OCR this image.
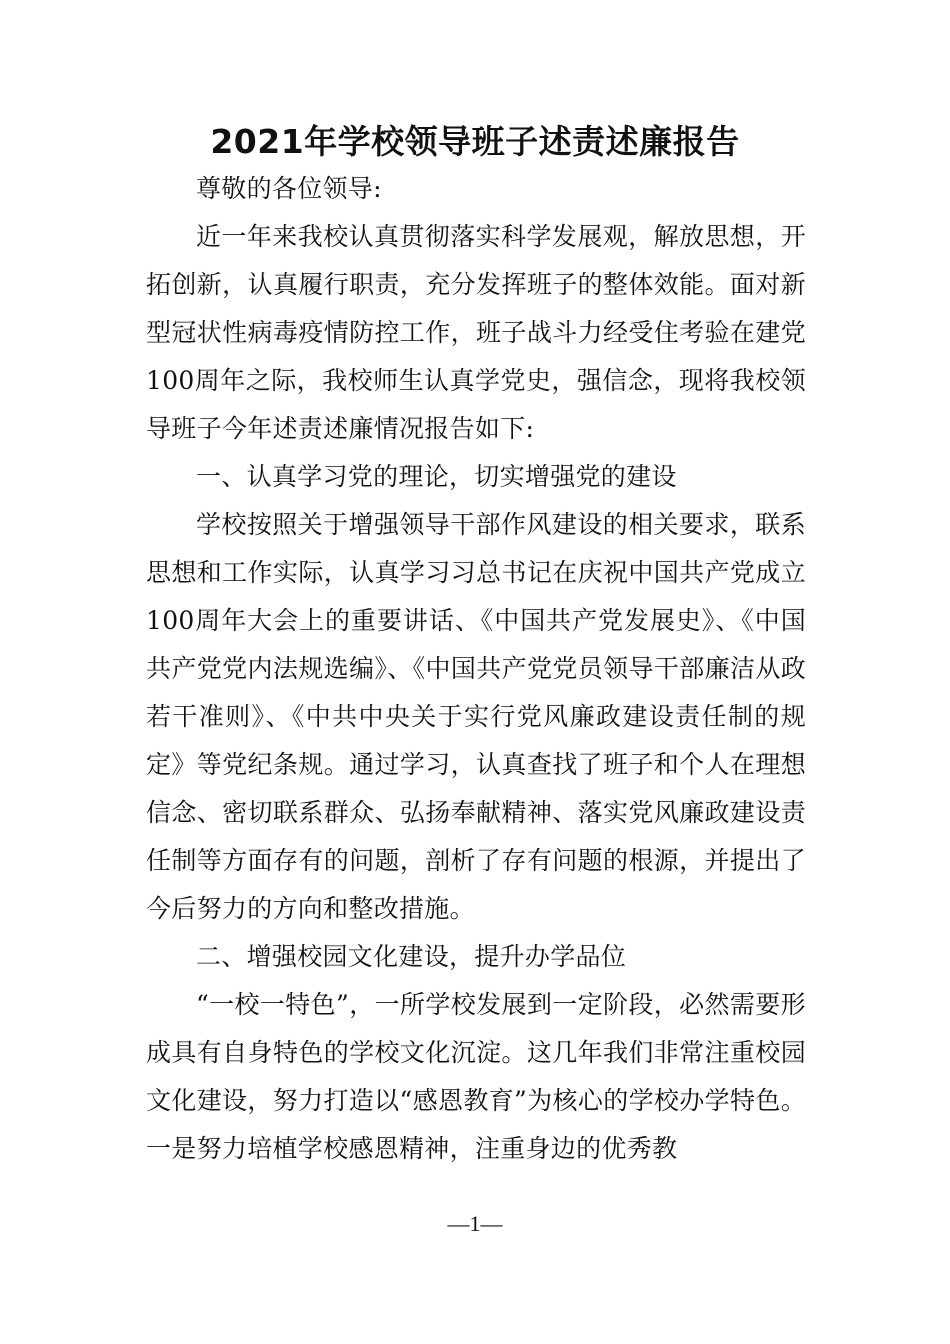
2021年学校领导班子述责述廉报告

尊敬的各位领导:

近一年来我校认真贯彻落实科学发展观，解放思想，开拓创新，认真履行职责，充分发挥班子的整体效能。面对新型冠状性病毒疫情防控工作，班子战斗力经受住考验在建党100周年之际，我校师生认真学党史，强信念，现将我校领导班子今年述责述廉情况报告如下:

一、认真学习党的理论，切实增强党的建设

学校按照关于增强领导干部作风建设的相关要求，联系思想和工作实际，认真学习习总书记在庆祝中国共产党成立100周年大会上的重要讲话、《中国共产党发展史》、《中国共产党党内法规选编》、《中国共产党党员领导干部廉洁从政若干准则》、《中共中央关于实行党风廉政建设责任制的规定》等党纪条规。通过学习，认真查找了班子和个人在理想信念、密切联系群众、弘扬奉献精神、落实党风廉政建设责任制等方面存有的问题，剖析了存有问题的根源，并提出了今后努力的方向和整改措施。

二、增强校园文化建设，提升办学品位

“一校一特色”，一所学校发展到一定阶段，必然需要形成具有自身特色的学校文化沉淀。这几年我们非常注重校园文化建设，努力打造以“感恩教育”为核心的学校办学特色。一是努力培植学校感恩精神，注重身边的优秀教

—1—
